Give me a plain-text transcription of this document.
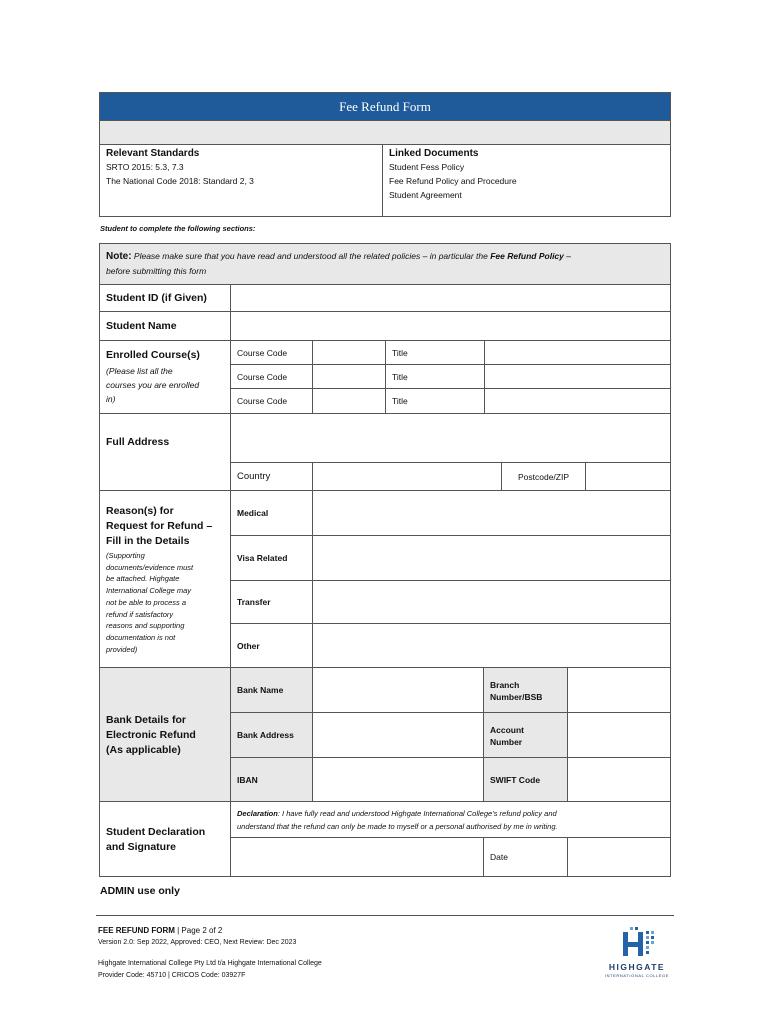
Fee Refund Form
Relevant Standards
SRTO 2015: 5.3, 7.3
The National Code 2018: Standard 2, 3
Linked Documents
Student Fess Policy
Fee Refund Policy and Procedure
Student Agreement
Student to complete the following sections:
Note: Please make sure that you have read and understood all the related policies – in particular the Fee Refund Policy –
before submitting this form
Student ID (if Given)
Student Name
Enrolled Course(s)
(Please list all the
courses you are enrolled
in)
Course Code	Title
Course Code	Title
Course Code	Title
Full Address
Country	Postcode/ZIP
Reason(s) for
Request for Refund –
Fill in the Details
(Supporting
documents/evidence must
be attached. Highgate
International College may
not be able to process a
refund if satisfactory
reasons and supporting
documentation is not
provided)
Medical
Visa Related
Transfer
Other
Bank Details for
Electronic Refund
(As applicable)
Bank Name	Branch
Number/BSB
Bank Address	Account
Number
IBAN	SWIFT Code
Student Declaration
and Signature
Declaration: I have fully read and understood Highgate International College’s refund policy and
understand that the refund can only be made to myself or a personal authorised by me in writing.
Date
ADMIN use only
FEE REFUND FORM | Page 2 of 2
Version 2.0: Sep 2022, Approved: CEO, Next Review: Dec 2023
Highgate International College Pty Ltd t/a Highgate International College
Provider Code: 45710 | CRICOS Code: 03927F
HIGHGATE
INTERNATIONAL COLLEGE
